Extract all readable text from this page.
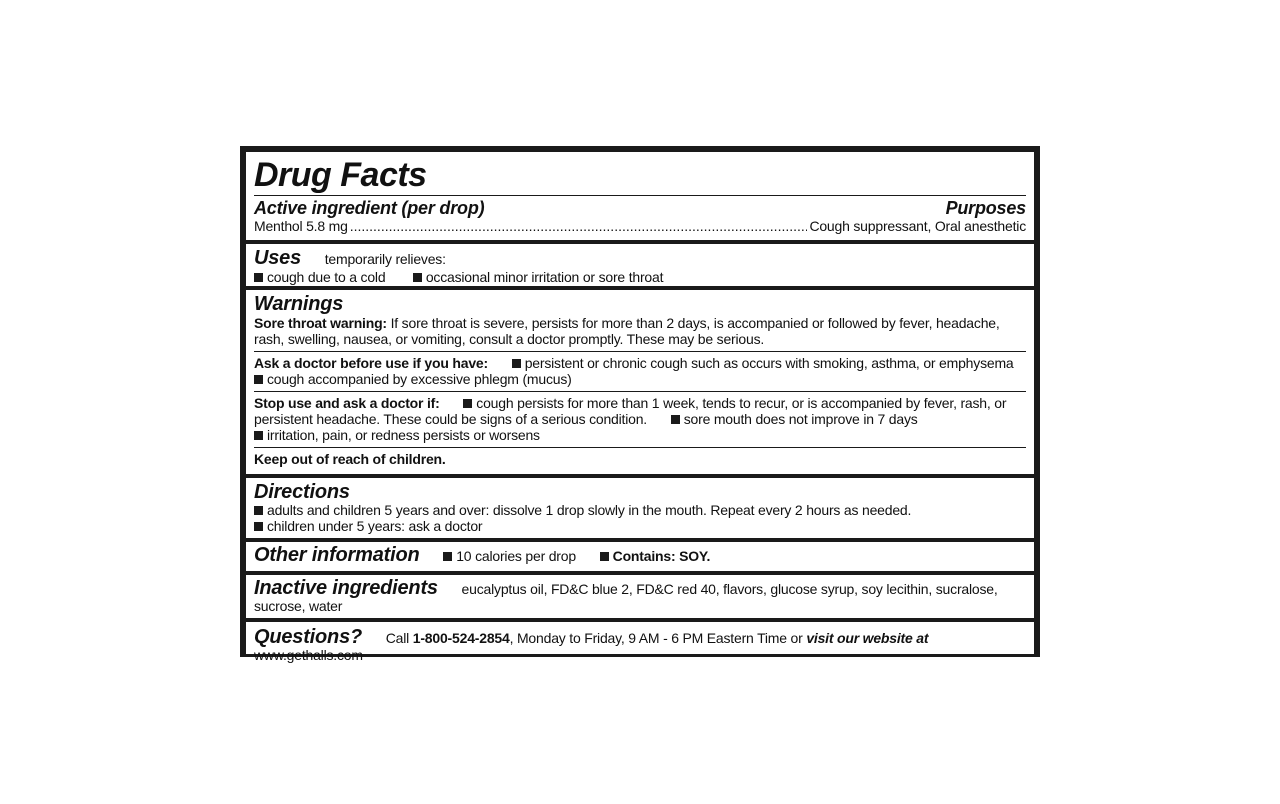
Drug Facts
Active ingredient (per drop)	Purposes
Menthol 5.8 mg .....	Cough suppressant, Oral anesthetic
Uses temporarily relieves:
cough due to a cold	occasional minor irritation or sore throat
Warnings
Sore throat warning: If sore throat is severe, persists for more than 2 days, is accompanied or followed by fever, headache, rash, swelling, nausea, or vomiting, consult a doctor promptly. These may be serious.
Ask a doctor before use if you have:	persistent or chronic cough such as occurs with smoking, asthma, or emphysema
cough accompanied by excessive phlegm (mucus)
Stop use and ask a doctor if:	cough persists for more than 1 week, tends to recur, or is accompanied by fever, rash, or persistent headache. These could be signs of a serious condition.	sore mouth does not improve in 7 days
irritation, pain, or redness persists or worsens
Keep out of reach of children.
Directions
adults and children 5 years and over: dissolve 1 drop slowly in the mouth. Repeat every 2 hours as needed.
children under 5 years: ask a doctor
Other information	10 calories per drop	Contains: SOY.
Inactive ingredients eucalyptus oil, FD&C blue 2, FD&C red 40, flavors, glucose syrup, soy lecithin, sucralose, sucrose, water
Questions? Call 1-800-524-2854, Monday to Friday, 9 AM - 6 PM Eastern Time or visit our website at www.gethalls.com
